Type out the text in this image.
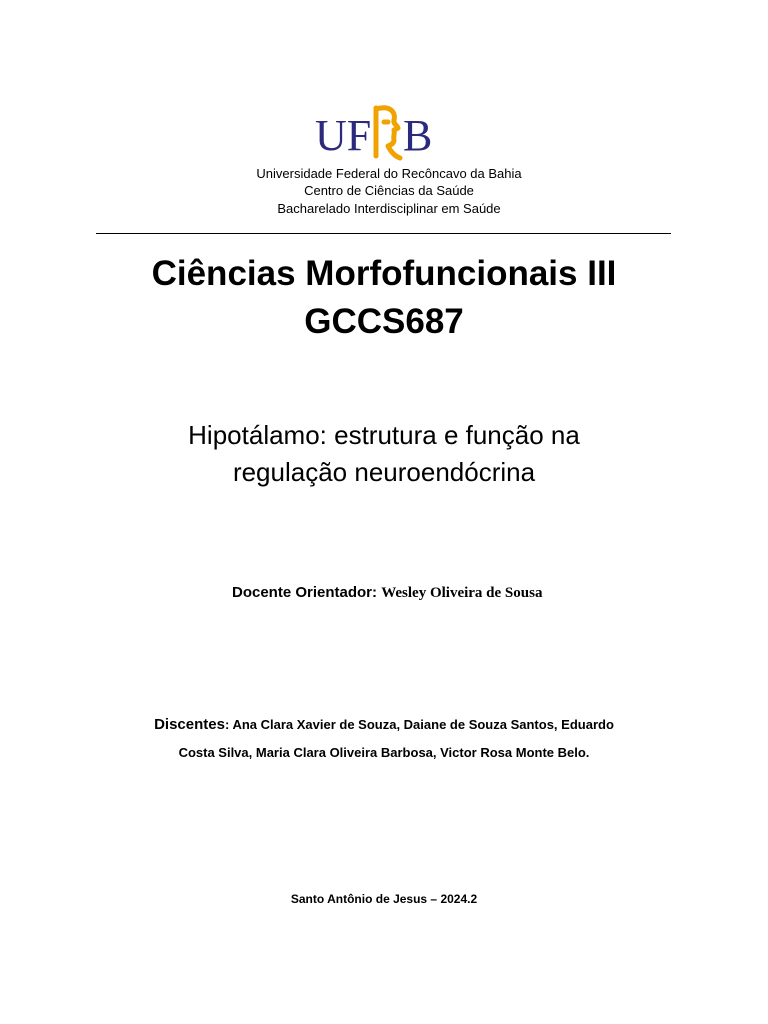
UF B
Universidade Federal do Recôncavo da Bahia
Centro de Ciências da Saúde
Bacharelado Interdisciplinar em Saúde
Ciências Morfofuncionais III
GCCS687
Hipotálamo: estrutura e função na
regulação neuroendócrina
Docente Orientador: Wesley Oliveira de Sousa
Discentes: Ana Clara Xavier de Souza, Daiane de Souza Santos, Eduardo
Costa Silva, Maria Clara Oliveira Barbosa, Victor Rosa Monte Belo.
Santo Antônio de Jesus – 2024.2
